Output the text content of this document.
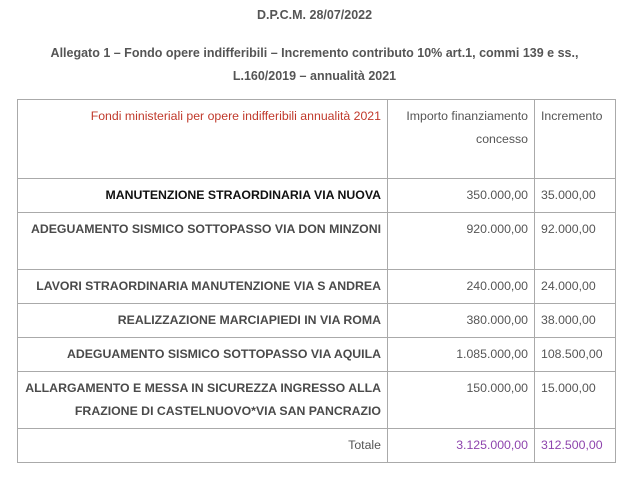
D.P.C.M. 28/07/2022
Allegato 1 – Fondo opere indifferibili – Incremento contributo 10% art.1, commi 139 e ss.,
L.160/2019 – annualità 2021
Fondi ministeriali per opere indifferibili annualità 2021	Importo finanziamento concesso	Incremento
MANUTENZIONE STRAORDINARIA VIA NUOVA	350.000,00	35.000,00
ADEGUAMENTO SISMICO SOTTOPASSO VIA DON MINZONI	920.000,00	92.000,00
LAVORI STRAORDINARIA MANUTENZIONE VIA S ANDREA	240.000,00	24.000,00
REALIZZAZIONE MARCIAPIEDI IN VIA ROMA	380.000,00	38.000,00
ADEGUAMENTO SISMICO SOTTOPASSO VIA AQUILA	1.085.000,00	108.500,00
ALLARGAMENTO E MESSA IN SICUREZZA INGRESSO ALLA FRAZIONE DI CASTELNUOVO*VIA SAN PANCRAZIO	150.000,00	15.000,00
Totale	3.125.000,00	312.500,00
